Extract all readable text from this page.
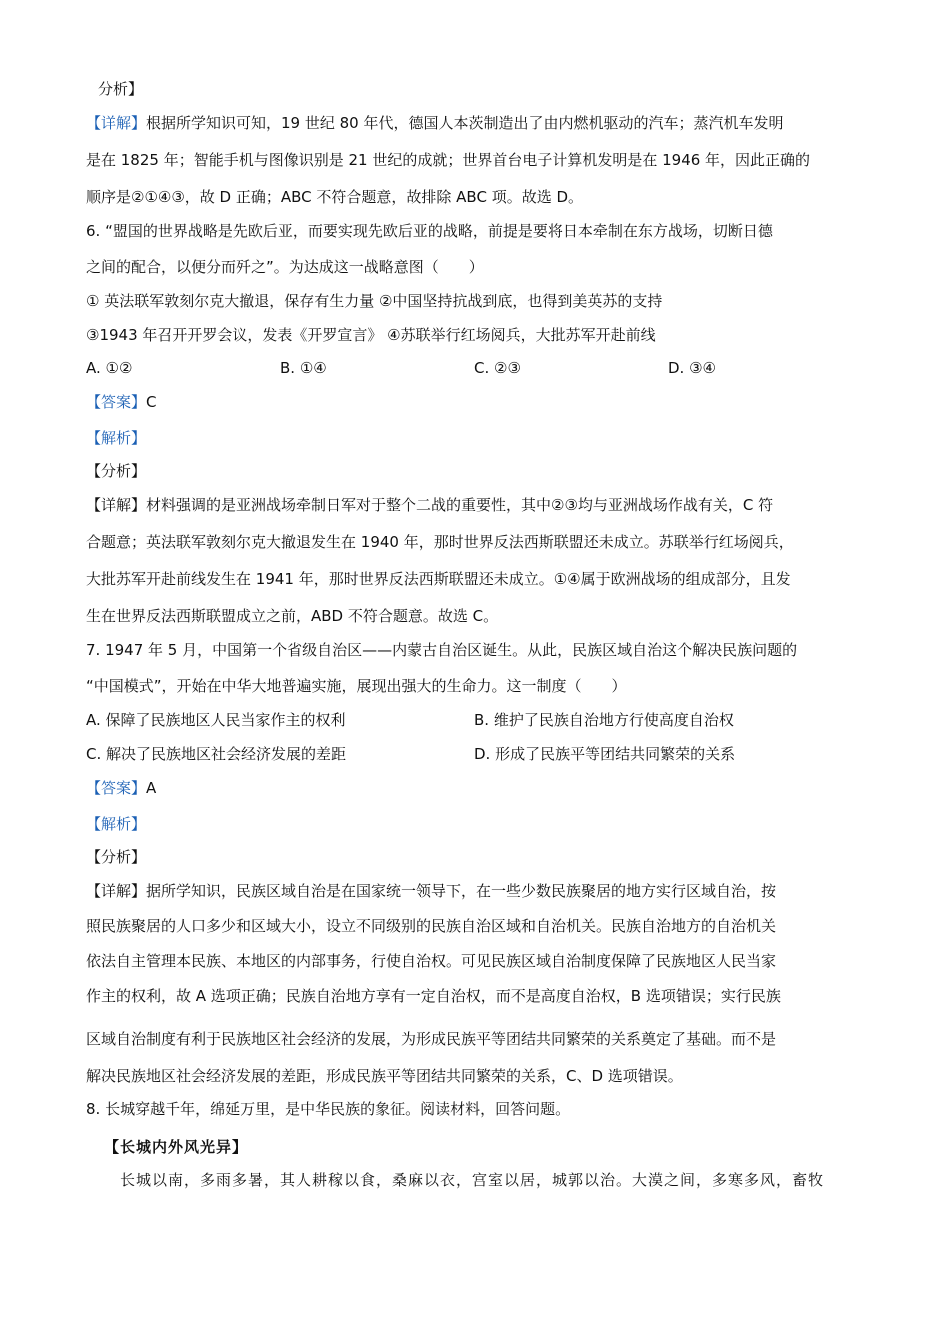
分析】
【详解】根据所学知识可知，19 世纪 80 年代，德国人本茨制造出了由内燃机驱动的汽车；蒸汽机车发明
是在 1825 年；智能手机与图像识别是 21 世纪的成就；世界首台电子计算机发明是在 1946 年，因此正确的
顺序是②①④③，故 D 正确；ABC 不符合题意，故排除 ABC 项。故选 D。
6. “盟国的世界战略是先欧后亚，而要实现先欧后亚的战略，前提是要将日本牵制在东方战场，切断日德
之间的配合，以便分而歼之”。为达成这一战略意图（　　）
① 英法联军敦刻尔克大撤退，保存有生力量 ②中国坚持抗战到底，也得到美英苏的支持
③1943 年召开开罗会议，发表《开罗宣言》 ④苏联举行红场阅兵，大批苏军开赴前线
A. ①②	B. ①④	C. ②③	D. ③④
【答案】C
【解析】
【分析】
【详解】材料强调的是亚洲战场牵制日军对于整个二战的重要性，其中②③均与亚洲战场作战有关，C 符
合题意；英法联军敦刻尔克大撤退发生在 1940 年，那时世界反法西斯联盟还未成立。苏联举行红场阅兵，
大批苏军开赴前线发生在 1941 年，那时世界反法西斯联盟还未成立。①④属于欧洲战场的组成部分，且发
生在世界反法西斯联盟成立之前，ABD 不符合题意。故选 C。
7. 1947 年 5 月，中国第一个省级自治区——内蒙古自治区诞生。从此，民族区域自治这个解决民族问题的
“中国模式”，开始在中华大地普遍实施，展现出强大的生命力。这一制度（　　）
A. 保障了民族地区人民当家作主的权利	B. 维护了民族自治地方行使高度自治权
C. 解决了民族地区社会经济发展的差距	D. 形成了民族平等团结共同繁荣的关系
【答案】A
【解析】
【分析】
【详解】据所学知识，民族区域自治是在国家统一领导下，在一些少数民族聚居的地方实行区域自治，按
照民族聚居的人口多少和区域大小，设立不同级别的民族自治区域和自治机关。民族自治地方的自治机关
依法自主管理本民族、本地区的内部事务，行使自治权。可见民族区域自治制度保障了民族地区人民当家
作主的权利，故 A 选项正确；民族自治地方享有一定自治权，而不是高度自治权，B 选项错误；实行民族
区域自治制度有利于民族地区社会经济的发展，为形成民族平等团结共同繁荣的关系奠定了基础。而不是
解决民族地区社会经济发展的差距，形成民族平等团结共同繁荣的关系，C、D 选项错误。
8. 长城穿越千年，绵延万里，是中华民族的象征。阅读材料，回答问题。
【长城内外风光异】
长城以南，多雨多暑，其人耕稼以食，桑麻以衣，宫室以居，城郭以治。大漠之间，多寒多风，畜牧
